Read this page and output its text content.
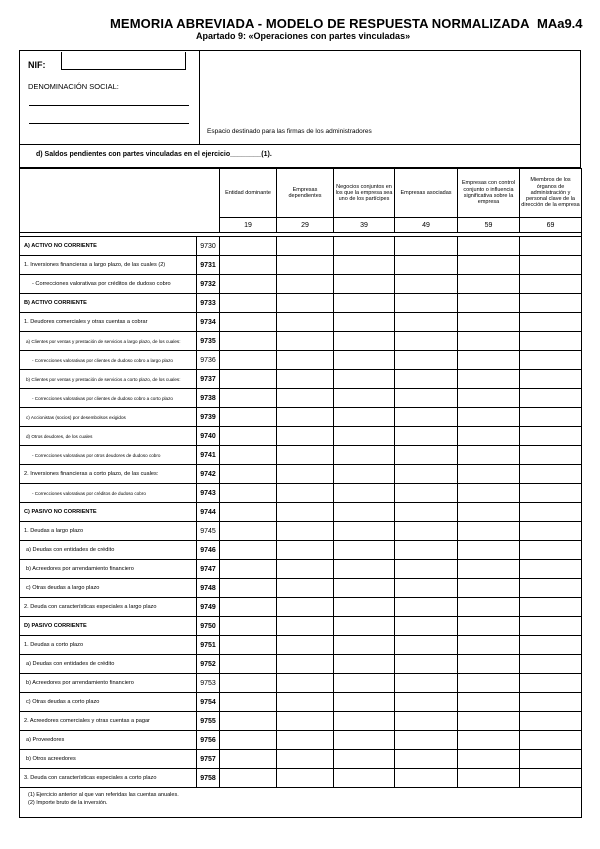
MEMORIA ABREVIADA - MODELO DE RESPUESTA NORMALIZADA MAa9.4
Apartado 9: «Operaciones con partes vinculadas»
NIF:
DENOMINACIÓN SOCIAL:
Espacio destinado para las firmas de los administradores
d) Saldos pendientes con partes vinculadas en el ejercicio________(1).
		Entidad dominante	Empresas dependientes	Negocios conjuntos en los que la empresa sea uno de los partícipes	Empresas asociadas	Empresas con control conjunto o influencia significativa sobre la empresa	Miembros de los órganos de administración y personal clave de la dirección de la empresa
		19	29	39	49	59	69

A) ACTIVO NO CORRIENTE	9730						
1. Inversiones financieras a largo plazo, de las cuales (2)	9731						
- Correcciones valorativas por créditos de dudoso cobro	9732						
B) ACTIVO CORRIENTE	9733						
1. Deudores comerciales y otras cuentas a cobrar	9734						
a) Clientes por ventas y prestación de servicios a largo plazo, de los cuales:	9735						
- Correcciones valorativas por clientes de dudoso cobro a largo plazo	9736						
b) Clientes por ventas y prestación de servicios a corto plazo, de los cuales:	9737						
- Correcciones valorativas por clientes de dudoso cobro a corto plazo	9738						
c) Accionistas (socios) por desembolsos exigidos	9739						
d) Otros deudores, de los cuales	9740						
- Correcciones valorativas por otros deudores de dudoso cobro	9741						
2. Inversiones financieras a corto plazo, de las cuales:	9742						
- Correcciones valorativas por créditos de dudoso cobro	9743						
C) PASIVO NO CORRIENTE	9744						
1. Deudas a largo plazo	9745						
a) Deudas con entidades de crédito	9746						
b) Acreedores por arrendamiento financiero	9747						
c) Otras deudas a largo plazo	9748						
2. Deuda con características especiales a largo plazo	9749						
D) PASIVO CORRIENTE	9750						
1. Deudas a corto plazo	9751						
a) Deudas con entidades de crédito	9752						
b) Acreedores por arrendamiento financiero	9753						
c) Otras deudas a corto plazo	9754						
2. Acreedores comerciales y otras cuentas a pagar	9755						
a) Proveedores	9756						
b) Otros acreedores	9757						
3. Deuda con características especiales a corto plazo	9758						

(1) Ejercicio anterior al que van referidas las cuentas anuales.
(2) Importe bruto de la inversión.							
